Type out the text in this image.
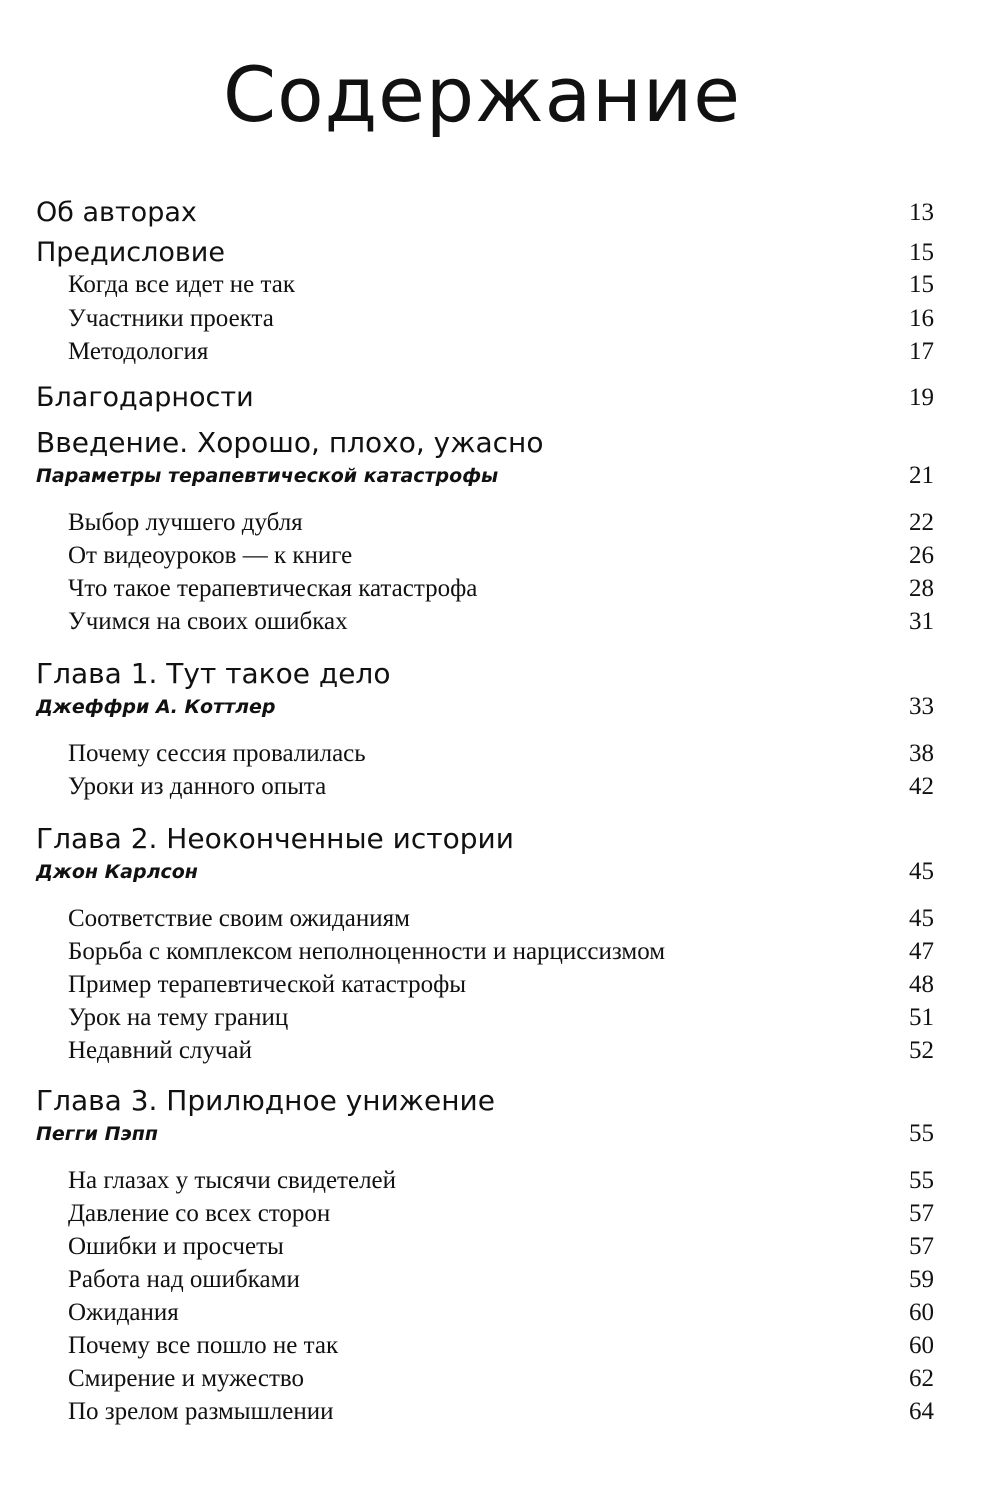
Содержание
Об авторах	13
Предисловие	15
Когда все идет не так	15
Участники проекта	16
Методология	17
Благодарности	19
Введение. Хорошо, плохо, ужасно
Параметры терапевтической катастрофы	21
Выбор лучшего дубля	22
От видеоуроков — к книге	26
Что такое терапевтическая катастрофа	28
Учимся на своих ошибках	31
Глава 1. Тут такое дело
Джеффри А. Коттлер	33
Почему сессия провалилась	38
Уроки из данного опыта	42
Глава 2. Неоконченные истории
Джон Карлсон	45
Соответствие своим ожиданиям	45
Борьба с комплексом неполноценности и нарциссизмом	47
Пример терапевтической катастрофы	48
Урок на тему границ	51
Недавний случай	52
Глава 3. Прилюдное унижение
Пегги Пэпп	55
На глазах у тысячи свидетелей	55
Давление со всех сторон	57
Ошибки и просчеты	57
Работа над ошибками	59
Ожидания	60
Почему все пошло не так	60
Смирение и мужество	62
По зрелом размышлении	64
